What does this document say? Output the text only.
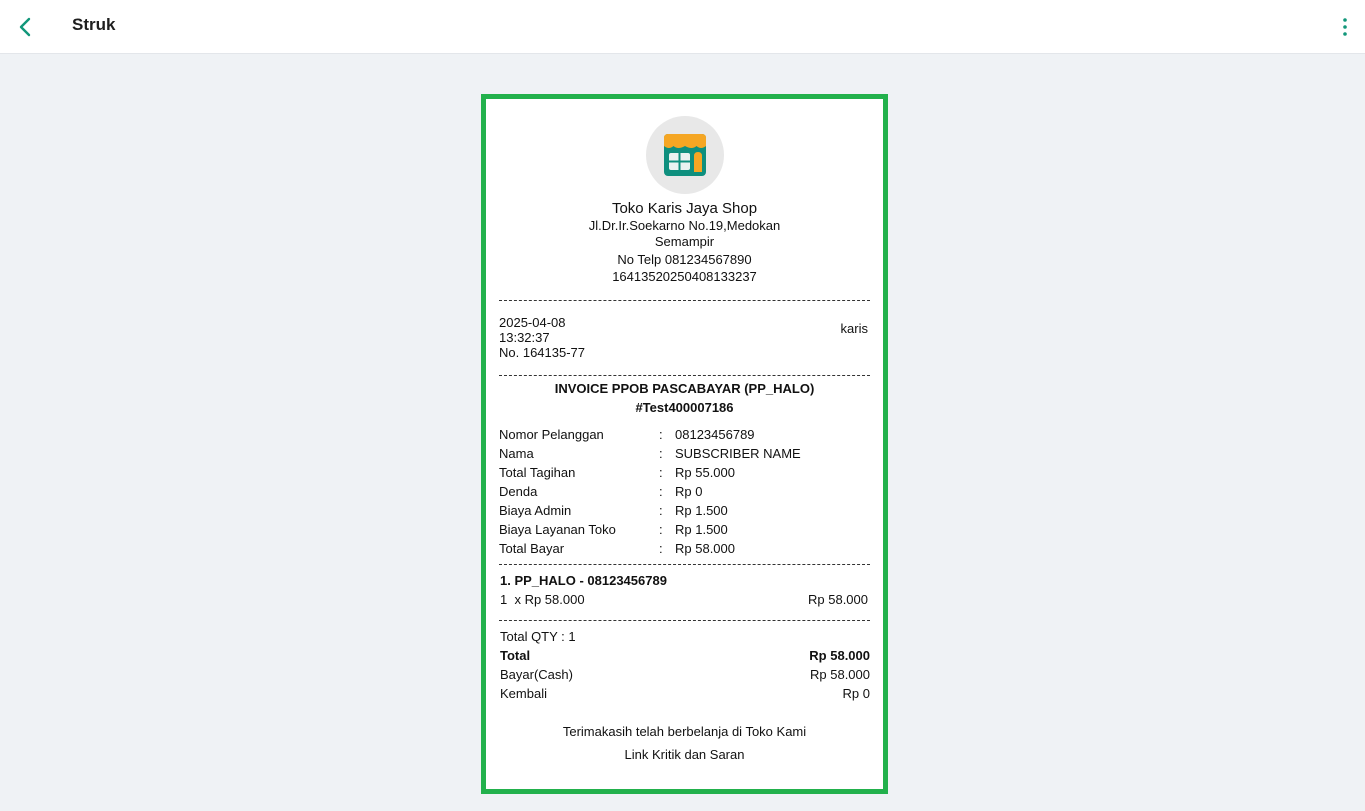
Struk
Toko Karis Jaya Shop
Jl.Dr.Ir.Soekarno No.19,Medokan
Semampir
No Telp 081234567890
16413520250408133237
2025-04-08
13:32:37
No. 164135-77
karis
INVOICE PPOB PASCABAYAR (PP_HALO)
#Test400007186
Nomor Pelanggan	: 08123456789
Nama	: SUBSCRIBER NAME
Total Tagihan	: Rp 55.000
Denda	: Rp 0
Biaya Admin	: Rp 1.500
Biaya Layanan Toko	: Rp 1.500
Total Bayar	: Rp 58.000
1. PP_HALO - 08123456789
1  x Rp 58.000	Rp 58.000
Total QTY : 1
Total	Rp 58.000
Bayar(Cash)	Rp 58.000
Kembali	Rp 0
Terimakasih telah berbelanja di Toko Kami
Link Kritik dan Saran
